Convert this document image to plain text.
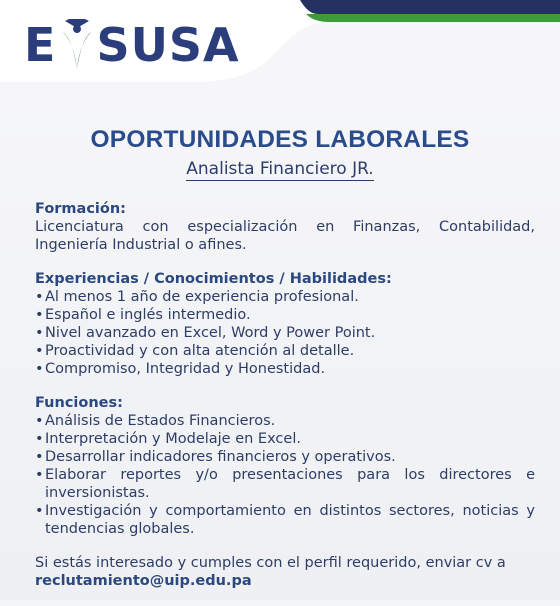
E SUSA
OPORTUNIDADES LABORALES
Analista Financiero JR.
Formación:
Licenciatura con especialización en Finanzas, Contabilidad, Ingeniería Industrial o afines.
Experiencias / Conocimientos / Habilidades:
• Al menos 1 año de experiencia profesional.
• Español e inglés intermedio.
• Nivel avanzado en Excel, Word y Power Point.
• Proactividad y con alta atención al detalle.
• Compromiso, Integridad y Honestidad.
Funciones:
• Análisis de Estados Financieros.
• Interpretación y Modelaje en Excel.
• Desarrollar indicadores financieros y operativos.
• Elaborar reportes y/o presentaciones para los directores e inversionistas.
• Investigación y comportamiento en distintos sectores, noticias y tendencias globales.
Si estás interesado y cumples con el perfil requerido, enviar cv a
reclutamiento@uip.edu.pa
